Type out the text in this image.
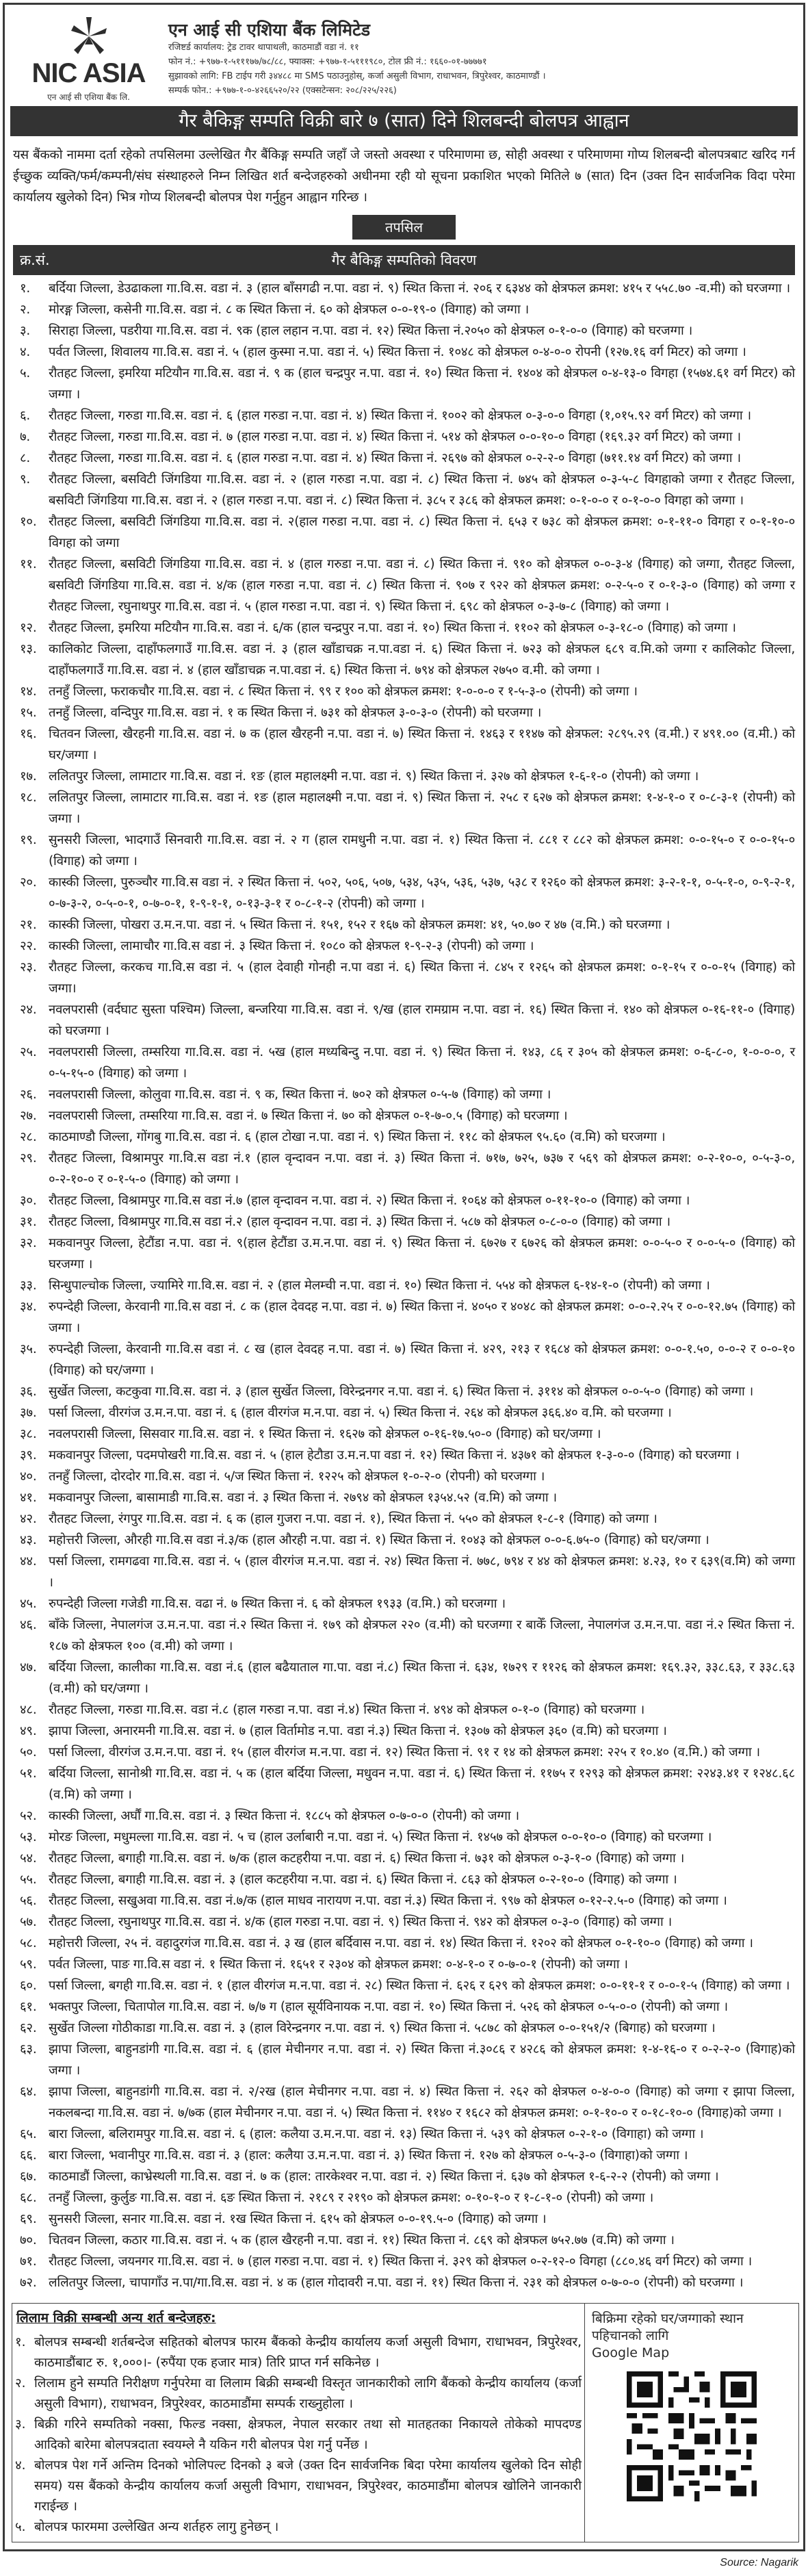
NIC ASIA
एन आई सी एशिया बैंक लि.
एन आई सी एशिया बैंक लिमिटेड
रजिष्टर्ड कार्यालय: ट्रेड टावर थापाथली, काठमाडौं वडा नं. ११
फोन नं.: +९७७-१-५१११७७/७८/८८, फ्याक्स: +९७७-१-५१११९८०, टोल फ्री नं.: १६६०-०१-७७७७१
सुझावको लागि: FB टाईप गरी ३४४८८ मा SMS पठाउनुहोस्, कर्जा असुली विभाग, राधाभवन, त्रिपुरेश्वर, काठमाण्डौं ।
सम्पर्क फोन.: +९७७-१-०-४२६६५२०/२२ (एक्सटेन्सन: २०८/२२५/२२६)
गैर बैकिङ्ग सम्पति विक्री बारे ७ (सात) दिने शिलबन्दी बोलपत्र आह्वान
यस बैंकको नाममा दर्ता रहेको तपसिलमा उल्लेखित गैर बैंकिङ्ग सम्पति जहाँ जे जस्तो अवस्था र परिमाणमा छ, सोही अवस्था र परिमाणमा गोप्य शिलबन्दी बोलपत्रबाट खरिद गर्न ईच्छुक व्यक्ति/फर्म/कम्पनी/संघ संस्थाहरुले निम्न लिखित शर्त बन्देजहरुको अधीनमा रही यो सूचना प्रकाशित भएको मितिले ७ (सात) दिन (उक्त दिन सार्वजनिक विदा परेमा कार्यालय खुलेको दिन) भित्र गोप्य शिलबन्दी बोलपत्र पेश गर्नुहुन आह्वान गरिन्छ ।
तपसिल
क्र.सं.	गैर बैकिङ्ग सम्पतिको विवरण
१.	बर्दिया जिल्ला, डेउढाकला गा.वि.स. वडा नं. ३ (हाल बाँसगढी न.पा. वडा नं. ९) स्थित कित्ता नं. २०६ र ६३४४ को क्षेत्रफल क्रमश: ४१५ र ५५८.७० -व.मी) को घरजग्गा ।
२.	मोरङ्ग जिल्ला, कसेनी गा.वि.स. वडा नं. ८ क स्थित कित्ता नं. ६० को क्षेत्रफल ०-०-१९-० (विगाह) को जग्गा ।
३.	सिराहा जिल्ला, पडरीया गा.वि.स. वडा नं. ९क (हाल लहान न.पा. वडा नं. १२) स्थित कित्ता नं.२०५० को क्षेत्रफल ०-१-०-० (विगाह) को घरजग्गा ।
४.	पर्वत जिल्ला, शिवालय गा.वि.स. वडा नं. ५ (हाल कुस्मा न.पा. वडा नं. ५) स्थित कित्ता नं. १०४८ को क्षेत्रफल ०-४-०-० रोपनी (१२७.१६ वर्ग मिटर) को जग्गा ।
५.	रौतहट जिल्ला, इमरिया मटियौन गा.वि.स. वडा नं. ९ क (हाल चन्द्रपुर न.पा. वडा नं. १०) स्थित कित्ता नं. १४०४ को क्षेत्रफल ०-४-१३-० विगहा (१५७४.६१ वर्ग मिटर) को जग्गा ।
६.	रौतहट जिल्ला, गरुडा गा.वि.स. वडा नं. ६ (हाल गरुडा न.पा. वडा नं. ४) स्थित कित्ता नं. १००२ को क्षेत्रफल ०-३-०-० विगहा (१,०१५.९२ वर्ग मिटर) को जग्गा ।
७.	रौतहट जिल्ला, गरुडा गा.वि.स. वडा नं. ७ (हाल गरुडा न.पा. वडा नं. ४) स्थित कित्ता नं. ५१४ को क्षेत्रफल ०-०-१०-० विगहा (१६९.३२ वर्ग मिटर) को जग्गा ।
८.	रौतहट जिल्ला, गरुडा गा.वि.स. वडा नं. ६ (हाल गरुडा न.पा. वडा नं. ४) स्थित कित्ता नं. २६९७ को क्षेत्रफल ०-२-२-० विगहा (७११.१४ वर्ग मिटर) को जग्गा ।
९.	रौतहट जिल्ला, बसविटी जिंगडिया गा.वि.स. वडा नं. २ (हाल गरुडा न.पा. वडा नं. ८) स्थित कित्ता नं. ७४५ को क्षेत्रफल ०-३-५-८ विगहाको जग्गा र रौतहट जिल्ला, बसविटी जिंगडिया गा.वि.स. वडा नं. २ (हाल गरुडा न.पा. वडा नं. ८) स्थित कित्ता नं. ३८५ र ३८६ को क्षेत्रफल क्रमश: ०-१-०-० र ०-१-०-० विगहा को जग्गा ।
१०. रौतहट जिल्ला, बसविटी जिंगडिया गा.वि.स. वडा नं. २(हाल गरुडा न.पा. वडा नं. ८) स्थित कित्ता नं. ६५३ र ७३८ को क्षेत्रफल क्रमश: ०-१-११-० विगहा र ०-१-१०-० विगहा को जग्गा
११. रौतहट जिल्ला, बसविटी जिंगडिया गा.वि.स. वडा नं. ४ (हाल गरुडा न.पा. वडा नं. ८) स्थित कित्ता नं. ९१० को क्षेत्रफल ०-०-३-४ (विगाह) को जग्गा, रौतहट जिल्ला, बसविटी जिंगडिया गा.वि.स. वडा नं. ४/क (हाल गरुडा न.पा. वडा नं. ८) स्थित कित्ता नं. ९०७ र ९२२ को क्षेत्रफल क्रमश: ०-२-५-० र ०-१-३-० (विगाह) को जग्गा र रौतहट जिल्ला, रघुनाथपुर गा.वि.स. वडा नं. ५ (हाल गरुडा न.पा. वडा नं. ९) स्थित कित्ता नं. ६९८ को क्षेत्रफल ०-३-७-८ (विगाह) को जग्गा ।
१२. रौतहट जिल्ला, इमरिया मटियौन गा.वि.स. वडा नं. ६/क (हाल चन्द्रपुर न.पा. वडा नं. १०) स्थित कित्ता नं. ११०२ को क्षेत्रफल ०-३-१८-० (विगाह) को जग्गा ।
१३. कालिकोट जिल्ला, दाहाँफलगाउँ गा.वि.स. वडा नं. ३ (हाल खाँडाचक्र न.पा.वडा नं. ६) स्थित कित्ता नं. ७२३ को क्षेत्रफल ६८९ व.मि.को जग्गा र कालिकोट जिल्ला, दाहाँफलगाउँ गा.वि.स. वडा नं. ४ (हाल खाँडाचक्र न.पा.वडा नं. ६) स्थित कित्ता नं. ७९४ को क्षेत्रफल २७५० व.मी. को जग्गा ।
१४. तनहुँ जिल्ला, फराकचौर गा.वि.स. वडा नं. ८ स्थित कित्ता नं. ९९ र १०० को क्षेत्रफल क्रमश: १-०-०-० र १-५-३-० (रोपनी) को जग्गा ।
१५. तनहुँ जिल्ला, वन्दिपुर गा.वि.स. वडा नं. १ क स्थित कित्ता नं. ७३१ को क्षेत्रफल ३-०-३-० (रोपनी) को घरजग्गा ।
१६. चितवन जिल्ला, खैरहनी गा.वि.स. वडा नं. ७ क (हाल खैरहनी न.पा. वडा नं. ७) स्थित कित्ता नं. १४६३ र ११४७ को क्षेत्रफल: २८९५.२९ (व.मी.) र ४९१.०० (व.मी.) को घर/जग्गा ।
१७. ललितपुर जिल्ला, लामाटार गा.वि.स. वडा नं. १ङ (हाल महालक्ष्मी न.पा. वडा नं. ९) स्थित कित्ता नं. ३२७ को क्षेत्रफल १-६-१-० (रोपनी) को जग्गा ।
१८. ललितपुर जिल्ला, लामाटार गा.वि.स. वडा नं. १ङ (हाल महालक्ष्मी न.पा. वडा नं. ९) स्थित कित्ता नं. २५८ र ६२७ को क्षेत्रफल क्रमश: १-४-१-० र ०-८-३-१ (रोपनी) को जग्गा ।
१९. सुनसरी जिल्ला, भादगाउँ सिनवारी गा.वि.स. वडा नं. २ ग (हाल रामधुनी न.पा. वडा नं. १) स्थित कित्ता नं. ८८१ र ८८२ को क्षेत्रफल क्रमश: ०-०-१५-० र ०-०-१५-० (विगाह) को जग्गा ।
२०. कास्की जिल्ला, पुरुञ्चौर गा.वि.स वडा नं. २ स्थित कित्ता नं. ५०२, ५०६, ५०७, ५३४, ५३५, ५३६, ५३७, ५३८ र १२६० को क्षेत्रफल क्रमश: ३-२-१-१, ०-५-१-०, ०-९-२-१, ०-७-३-२, ०-५-०-१, ०-७-०-१, १-९-१-१, ०-१३-३-१ र ०-८-१-२ (रोपनी) को जग्गा ।
२१. कास्की जिल्ला, पोखरा उ.म.न.पा. वडा नं. ५ स्थित कित्ता नं. १५१, १५२ र १६७ को क्षेत्रफल क्रमश: ४१, ५०.७० र ४७ (व.मि.) को घरजग्गा ।
२२. कास्की जिल्ला, लामाचौर गा.वि.स वडा नं. ३ स्थित कित्ता नं. १०८० को क्षेत्रफल १-९-२-३ (रोपनी) को जग्गा ।
२३. रौतहट जिल्ला, करकच गा.वि.स वडा नं. ५ (हाल देवाही गोनही न.पा वडा नं. ६) स्थित कित्ता नं. ८४५ र १२६५ को क्षेत्रफल क्रमश: ०-१-१५ र ०-०-१५ (विगाह) को जग्गा।
२४. नवलपरासी (वर्दघाट सुस्ता पश्चिम) जिल्ला, बन्जरिया गा.वि.स. वडा नं. ९/ख (हाल रामग्राम न.पा. वडा नं. १६) स्थित कित्ता नं. १४० को क्षेत्रफल ०-१६-११-० (विगाह) को घरजग्गा ।
२५. नवलपरासी जिल्ला, तम्सरिया गा.वि.स. वडा नं. ५ख (हाल मध्यबिन्दु न.पा. वडा नं. ९) स्थित कित्ता नं. १४३, ८६ र ३०५ को क्षेत्रफल क्रमश: ०-६-८-०, १-०-०-०, र ०-५-१५-० (विगाह) को जग्गा ।
२६. नवलपरासी जिल्ला, कोलुवा गा.वि.स. वडा नं. ९ क, स्थित कित्ता नं. ७०२ को क्षेत्रफल ०-५-७ (विगाह) को जग्गा ।
२७. नवलपरासी जिल्ला, तम्सरिया गा.वि.स. वडा नं. ७ स्थित कित्ता नं. ७० को क्षेत्रफल ०-१-७-०.५ (विगाह) को घरजग्गा ।
२८. काठमाण्डौ जिल्ला, गोंगबु गा.वि.स. वडा नं. ६ (हाल टोखा न.पा. वडा नं. ९) स्थित कित्ता नं. ११८ को क्षेत्रफल ९५.६० (व.मि) को घरजग्गा ।
२९. रौतहट जिल्ला, विश्रामपुर गा.वि.स वडा नं.१ (हाल वृन्दावन न.पा. वडा नं. ३) स्थित कित्ता नं. ७१७, ७२५, ७३७ र ५६९ को क्षेत्रफल क्रमश: ०-२-१०-०, ०-५-३-०, ०-२-१०-० र ०-१-५-० (विगाह) को जग्गा ।
३०. रौतहट जिल्ला, विश्रामपुर गा.वि.स वडा नं.७ (हाल वृन्दावन न.पा. वडा नं. २) स्थित कित्ता नं. १०६४ को क्षेत्रफल ०-११-१०-० (विगाह) को जग्गा ।
३१. रौतहट जिल्ला, विश्रामपुर गा.वि.स वडा नं.२ (हाल वृन्दावन न.पा. वडा नं. ३) स्थित कित्ता नं. ५८७ को क्षेत्रफल ०-८-०-० (विगाह) को जग्गा ।
३२. मकवानपुर जिल्ला, हेटौंडा न.पा. वडा नं. ९(हाल हेटौंडा उ.म.न.पा. वडा नं. ९) स्थित कित्ता नं. ६७२७ र ६७२६ को क्षेत्रफल क्रमश: ०-०-५-० र ०-०-५-० (विगाह) को घरजग्गा ।
३३. सिन्धुपाल्चोक जिल्ला, ज्यामिरे गा.वि.स. वडा नं. २ (हाल मेलम्ची न.पा. वडा नं. १०) स्थित कित्ता नं. ५५४ को क्षेत्रफल ६-१४-१-० (रोपनी) को जग्गा ।
३४. रुपन्देही जिल्ला, केरवानी गा.वि.स वडा नं. ८ क (हाल देवदह न.पा. वडा नं. ७) स्थित कित्ता नं. ४०५० र ४०४८ को क्षेत्रफल क्रमश: ०-०-२.२५ र ०-०-१२.७५ (विगाह) को जग्गा ।
३५. रुपन्देही जिल्ला, केरवानी गा.वि.स वडा नं. ८ ख (हाल देवदह न.पा. वडा नं. ७) स्थित कित्ता नं. ४२९, २१३ र १६८४ को क्षेत्रफल क्रमश: ०-०-१.५०, ०-०-२ र ०-०-१० (विगाह) को घर/जग्गा ।
३६. सुर्खेत जिल्ला, कटकुवा गा.वि.स. वडा नं. ३ (हाल सुर्खेत जिल्ला, विरेन्द्रनगर न.पा. वडा नं. ६) स्थित कित्ता नं. ३११४ को क्षेत्रफल ०-०-५-० (विगाह) को जग्गा ।
३७. पर्सा जिल्ला, वीरगंज उ.म.न.पा. वडा नं. ६ (हाल वीरगंज म.न.पा. वडा नं. ५) स्थित कित्ता नं. २६४ को क्षेत्रफल ३६६.४० व.मि. को घरजग्गा ।
३८. नवलपरासी जिल्ला, सिसवार गा.वि.स. वडा नं. १ स्थित कित्ता नं. १६२७ को क्षेत्रफल ०-१६-१७.५०-० (विगाह) को घर/जग्गा ।
३९. मकवानपुर जिल्ला, पदमपोखरी गा.वि.स. वडा नं. ५ (हाल हेटौडा उ.म.न.पा वडा नं. १२) स्थित कित्ता नं. ४३७१ को क्षेत्रफल १-३-०-० (विगाह) को घरजग्गा ।
४०. तनहुँ जिल्ला, दोरदोर गा.वि.स. वडा नं. ५/ज स्थित कित्ता नं. १२२५ को क्षेत्रफल १-०-२-० (रोपनी) को घरजग्गा ।
४१. मकवानपुर जिल्ला, बासामाडी गा.वि.स. वडा नं. ३ स्थित कित्ता नं. २७९४ को क्षेत्रफल १३५४.५२ (व.मि) को जग्गा ।
४२. रौतहट जिल्ला, रंगपुर गा.वि.स. वडा नं. ६ क (हाल गुजरा न.पा. वडा नं. १), स्थित कित्ता नं. ५५० को क्षेत्रफल १-८-१ (विगाह) को जग्गा ।
४३. महोत्तरी जिल्ला, औरही गा.वि.स वडा नं.३/क (हाल औरही न.पा. वडा नं. १) स्थित कित्ता नं. १०४३ को क्षेत्रफल ०-०-६.७५-० (विगाह) को घर/जग्गा ।
४४. पर्सा जिल्ला, रामगढवा गा.वि.स. वडा नं. ५ (हाल वीरगंज म.न.पा. वडा नं. २४) स्थित कित्ता नं. ७७८, ७९४ र ४४ को क्षेत्रफल क्रमश: ४.२३, १० र ६३९(व.मि) को जग्गा ।
४५. रुपन्देही जिल्ला गजेडी गा.वि.स. वढा नं. ७ स्थित कित्ता नं. ६ को क्षेत्रफल १९३३ (व.मि.) को घरजग्गा ।
४६. बाँके जिल्ला, नेपालगंज उ.म.न.पा. वडा नं.२ स्थित कित्ता नं. १७९ को क्षेत्रफल २२० (व.मी) को घरजग्गा र बाकेँ जिल्ला, नेपालगंज उ.म.न.पा. वडा नं.२ स्थित कित्ता नं. १८७ को क्षेत्रफल १०० (व.मी) को जग्गा ।
४७. बर्दिया जिल्ला, कालीका गा.वि.स. वडा नं.६ (हाल बढैयाताल गा.पा. वडा नं.८) स्थित कित्ता नं. ६३४, १७२९ र ११२६ को क्षेत्रफल क्रमश: १६९.३२, ३३८.६३, र ३३८.६३ (व.मी) को घर/जग्गा ।
४८. रौतहट जिल्ला, गरुडा गा.वि.स. वडा नं.८ (हाल गरुडा न.पा. वडा नं.४) स्थित कित्ता नं. ४९४ को क्षेत्रफल ०-१-० (विगाह) को घरजग्गा ।
४९. झापा जिल्ला, अनारमनी गा.वि.स. वडा नं. ७ (हाल विर्तामोड न.पा. वडा नं.३) स्थित कित्ता नं. १३०७ को क्षेत्रफल ३६० (व.मि) को घरजग्गा ।
५०. पर्सा जिल्ला, वीरगंज उ.म.न.पा. वडा नं. १५ (हाल वीरगंज म.न.पा. वडा नं. १२) स्थित कित्ता नं. ९१ र १४ को क्षेत्रफल क्रमश: २२५ र १०.४० (व.मि.) को जग्गा ।
५१. बर्दिया जिल्ला, सानोश्री गा.वि.स. वडा नं. ५ क (हाल बर्दिया जिल्ला, मधुवन न.पा. वडा नं. ६) स्थित कित्ता नं. ११७५ र १२९३ को क्षेत्रफल क्रमश: २२४३.४१ र १२४८.६८ (व.मि) को जग्गा ।
५२. कास्की जिल्ला, अर्घौं गा.वि.स. वडा नं. ३ स्थित कित्ता नं. १८८५ को क्षेत्रफल ०-७-०-० (रोपनी) को जग्गा ।
५३. मोरङ जिल्ला, मधुमल्ला गा.वि.स. वडा नं. ५ च (हाल उर्लाबारी न.पा. वडा नं. ५) स्थित कित्ता नं. १४५७ को क्षेत्रफल ०-०-१०-० (विगाह) को घरजग्गा ।
५४. रौतहट जिल्ला, बगाही गा.वि.स. वडा नं. ७/क (हाल कटहरीया न.पा. वडा नं. ६) स्थित कित्ता नं. ७३१ को क्षेत्रफल ०-३-१-० (विगाह) को जग्गा ।
५५. रौतहट जिल्ला, बगाही गा.वि.स. वडा नं. ३ (हाल कटहरीया न.पा. वडा नं. ६) स्थित कित्ता नं. ८६३ को क्षेत्रफल ०-२-१०-० (विगाह) को जग्गा ।
५६. रौतहट जिल्ला, सखुअवा गा.वि.स. वडा नं.७/क (हाल माधव नारायण न.पा. वडा नं.३) स्थित कित्ता नं. ९९७ को क्षेत्रफल ०-१२-२.५-० (विगाह) को जग्गा ।
५७. रौतहट जिल्ला, रघुनाथपुर गा.वि.स. वडा नं. ४/क (हाल गरुडा न.पा. वडा नं. ९) स्थित कित्ता नं. ९४२ को क्षेत्रफल ०-३-० (विगाह) को जग्गा ।
५८. महोत्तरी जिल्ला, २५ नं. वहादुरगंज गा.वि.स. वडा नं. ३ ख (हाल बर्दिवास न.पा. वडा नं. १४) स्थित कित्ता नं. १२०२ को क्षेत्रफल ०-१-१०-० (विगाह) को जग्गा ।
५९. पर्वत जिल्ला, पाङ गा.वि.स वडा नं. १ स्थित कित्ता नं. १६५१ र २३०४ को क्षेत्रफल क्रमश: ०-४-१-० र ०-७-०-१ (रोपनी) को जग्गा ।
६०. पर्सा जिल्ला, बगही गा.वि.स. वडा नं. १ (हाल वीरगंज म.न.पा. वडा नं. २८) स्थित कित्ता नं. ६२६ र ६२९ को क्षेत्रफल क्रमश: ०-०-११-१ र ०-०-१-५ (विगाह) को जग्गा ।
६१. भक्तपुर जिल्ला, चितापोल गा.वि.स. वडा नं. ७/७ ग (हाल सूर्यविनायक न.पा. वडा नं. १०) स्थित कित्ता नं. ५२६ को क्षेत्रफल ०-५-०-० (रोपनी) को जग्गा ।
६२. सुर्खेत जिल्ला गोठीकाडा गा.वि.स. वडा नं. ३ (हाल विरेन्द्रनगर न.पा. वडा नं. ९) स्थित कित्ता नं. ५८७८ को क्षेत्रफल ०-०-१५१/२ (बिगाह) को घरजग्गा ।
६३. झापा जिल्ला, बाहुनडांगी गा.वि.स. वडा नं. ६ (हाल मेचीनगर न.पा. वडा नं. २) स्थित कित्ता नं.३०८६ र ४२८६ को क्षेत्रफल क्रमश: १-४-१६-० र ०-२-२-० (विगाह)को जग्गा ।
६४. झापा जिल्ला, बाहुनडांगी गा.वि.स. वडा नं. २/२ख (हाल मेचीनगर न.पा. वडा नं. ४) स्थित कित्ता नं. २६२ को क्षेत्रफल ०-४-०-० (विगाह) को जग्गा र झापा जिल्ला, नकलबन्दा गा.वि.स. वडा नं. ७/७क (हाल मेचीनगर न.पा. वडा नं. ५) स्थित कित्ता नं. ११४० र १६८२ को क्षेत्रफल क्रमश: ०-१-१०-० र ०-१८-१०-० (विगाह)को जग्गा ।
६५. बारा जिल्ला, बलिरामपुर गा.वि.स. वडा नं. ६ (हाल: कलैया उ.म.न.पा. वडा नं. १३) स्थित कित्ता नं. ५३९ को क्षेत्रफल ०-२-१-० (विगाहा) को जग्गा ।
६६. बारा जिल्ला, भवानीपुर गा.वि.स. वडा नं. ३ (हाल: कलैया उ.म.न.पा. वडा नं. ३) स्थित कित्ता नं. १२७ को क्षेत्रफल ०-५-३-० (विगाहा)को जग्गा ।
६७. काठमाडौं जिल्ला, काभ्रेस्थली गा.वि.स. वडा नं. ७ क (हाल: तारकेश्वर न.पा. वडा नं. २) स्थित कित्ता नं. ६३७ को क्षेत्रफल १-६-२-२ (रोपनी) को जग्गा ।
६८. तनहुँ जिल्ला, कुर्लुङ गा.वि.स. वडा नं. ६ङ स्थित कित्ता नं. २१८९ र २१९० को क्षेत्रफल क्रमश: ०-१०-१-० र १-८-१-० (रोपनी) को जग्गा ।
६९. सुनसरी जिल्ला, सनार गा.वि.स. वडा नं. १ख स्थित कित्ता नं. ६१५ को क्षेत्रफल ०-०-१९.५-० (विगाह) को जग्गा ।
७०. चितवन जिल्ला, कठार गा.वि.स. वडा नं. ५ क (हाल खैरहनी न.पा. वडा नं. ११) स्थित कित्ता नं. ८६९ को क्षेत्रफल ७५२.७७ (व.मि) को जग्गा ।
७१. रौतहट जिल्ला, जयनगर गा.वि.स. वडा नं. ७ (हाल गरुडा न.पा. वडा नं. १) स्थित कित्ता नं. ३२९ को क्षेत्रफल ०-२-१२-० विगहा (८८०.४६ वर्ग मिटर) को जग्गा ।
७२. ललितपुर जिल्ला, चापागाँउ न.पा/गा.वि.स. वडा नं. ४ क (हाल गोदावरी न.पा. वडा नं. ११) स्थित कित्ता नं. २३१ को क्षेत्रफल ०-७-०-० (रोपनी) को घरजग्गा ।
लिलाम विक्री सम्बन्धी अन्य शर्त बन्देजहरु:
१. बोलपत्र सम्बन्धी शर्तबन्देज सहितको बोलपत्र फारम बैंकको केन्द्रीय कार्यालय कर्जा असुली विभाग, राधाभवन, त्रिपुरेश्वर, काठमाडौंबाट रु. १,०००।- (रुपैंया एक हजार मात्र) तिरि प्राप्त गर्न सकिनेछ ।
२. लिलाम हुने सम्पति निरीक्षण गर्नुपरेमा वा लिलाम बिक्री सम्बन्धी विस्तृत जानकारीको लागि बैंकको केन्द्रीय कार्यालय (कर्जा असुली विभाग), राधाभवन, त्रिपुरेश्वर, काठमाडौंमा सम्पर्क राख्नुहोला ।
३. बिक्री गरिने सम्पतिको नक्सा, फिल्ड नक्सा, क्षेत्रफल, नेपाल सरकार तथा सो मातहतका निकायले तोकेको मापदण्ड आदिको बारेमा बोलपत्रदाता स्वयम्ले नै यकिन गरी बोलपत्र पेश गर्नु पर्नेछ ।
४. बोलपत्र पेश गर्ने अन्तिम दिनको भोलिपल्ट दिनको ३ बजे (उक्त दिन सार्वजनिक बिदा परेमा कार्यालय खुलेको दिन सोही समय) यस बैंकको केन्द्रीय कार्यालय कर्जा असुली विभाग, राधाभवन, त्रिपुरेश्वर, काठमाडौंमा बोलपत्र खोलिने जानकारी गराईन्छ ।
५. बोलपत्र फारममा उल्लेखित अन्य शर्तहरु लागु हुनेछन् ।
बिक्रिमा रहेको घर/जग्गाको स्थान पहिचानको लागि
Google Map
Source: Nagarik
